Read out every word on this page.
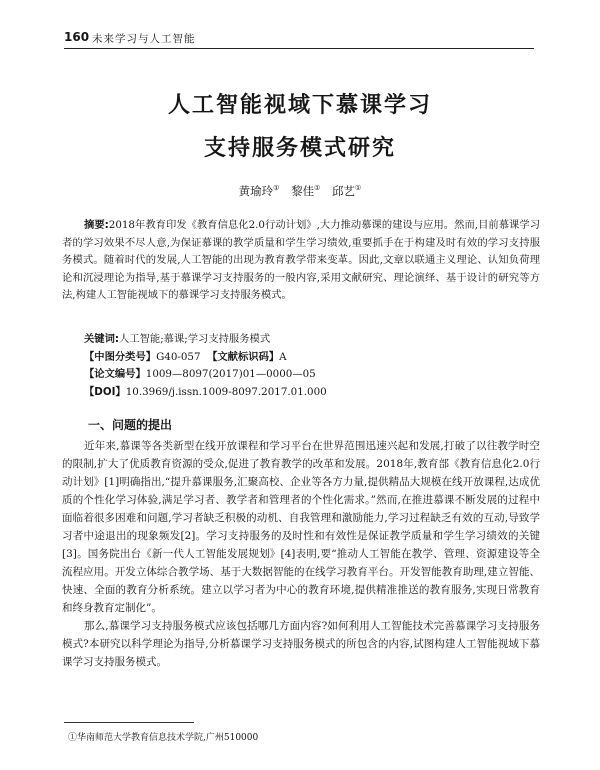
160 未来学习与人工智能
人工智能视域下慕课学习
支持服务模式研究
黄瑜玲① 黎佳① 邱艺①

摘要:2018年教育印发《教育信息化2.0行动计划》,大力推动慕课的建设与应用。然而,目前慕课学习者的学习效果不尽人意,为保证慕课的教学质量和学生学习绩效,重要抓手在于构建及时有效的学习支持服务模式。随着时代的发展,人工智能的出现为教育教学带来变革。因此,文章以联通主义理论、认知负荷理论和沉浸理论为指导,基于慕课学习支持服务的一般内容,采用文献研究、理论演绎、基于设计的研究等方法,构建人工智能视域下的慕课学习支持服务模式。

关键词:人工智能;慕课;学习支持服务模式
【中图分类号】G40-057 【文献标识码】A
【论文编号】1009—8097(2017)01—0000—05
【DOI】10.3969/j.issn.1009-8097.2017.01.000
一、问题的提出

近年来,慕课等各类新型在线开放课程和学习平台在世界范围迅速兴起和发展,打破了以往教学时空的限制,扩大了优质教育资源的受众,促进了教育教学的改革和发展。2018年,教育部《教育信息化2.0行动计划》[1]明确指出,“提升慕课服务,汇聚高校、企业等各方力量,提供精品大规模在线开放课程,达成优质的个性化学习体验,满足学习者、教学者和管理者的个性化需求。”然而,在推进慕课不断发展的过程中面临着很多困难和问题,学习者缺乏积极的动机、自我管理和激励能力,学习过程缺乏有效的互动,导致学习者中途退出的现象频发[2]。学习支持服务的及时性和有效性是保证教学质量和学生学习绩效的关键[3]。国务院出台《新一代人工智能发展规划》[4]表明,要“推动人工智能在教学、管理、资源建设等全流程应用。开发立体综合教学场、基于大数据智能的在线学习教育平台。开发智能教育助理,建立智能、快速、全面的教育分析系统。建立以学习者为中心的教育环境,提供精准推送的教育服务,实现日常教育和终身教育定制化”。

那么,慕课学习支持服务模式应该包括哪几方面内容?如何利用人工智能技术完善慕课学习支持服务模式?本研究以科学理论为指导,分析慕课学习支持服务模式的所包含的内容,试图构建人工智能视域下慕课学习支持服务模式。

①华南师范大学教育信息技术学院,广州510000
